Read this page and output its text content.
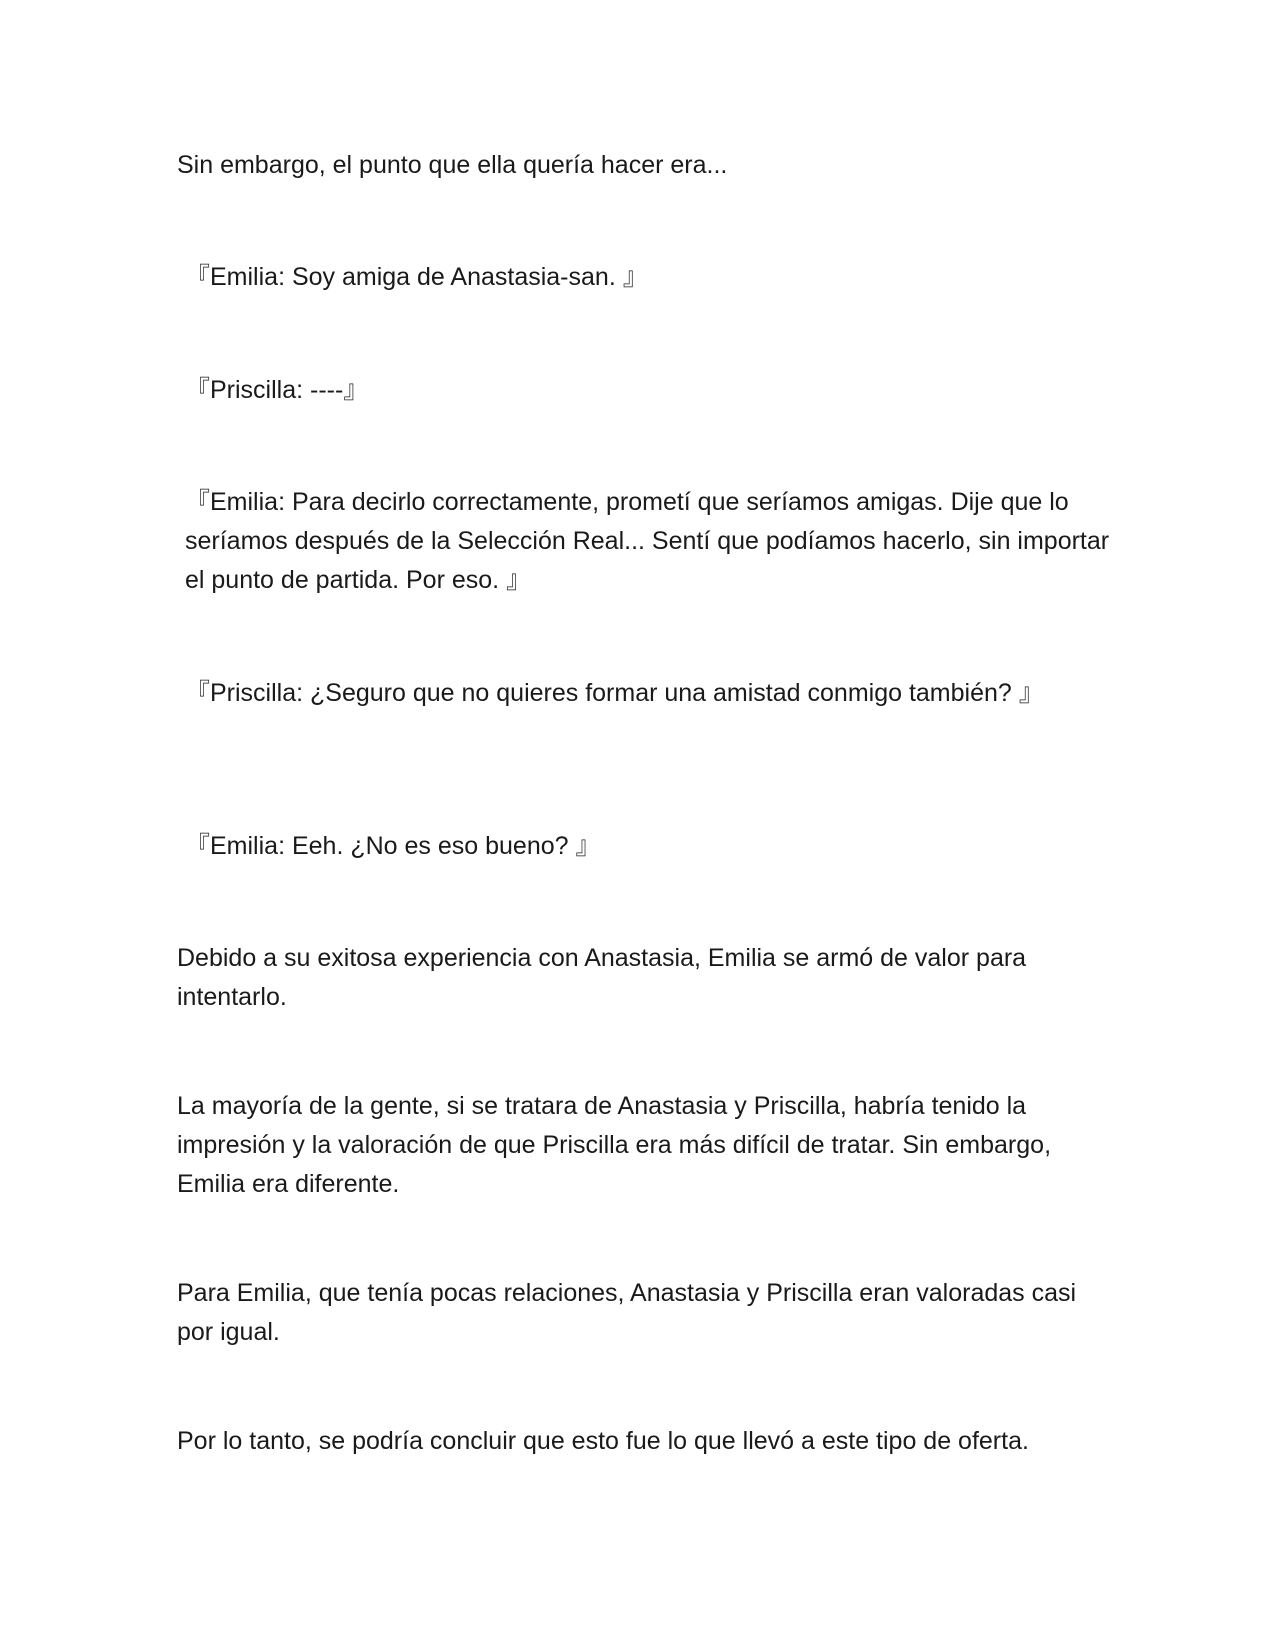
Sin embargo, el punto que ella quería hacer era...

『Emilia: Soy amiga de Anastasia-san. 』

『Priscilla: ----』

『Emilia: Para decirlo correctamente, prometí que seríamos amigas. Dije que lo seríamos después de la Selección Real... Sentí que podíamos hacerlo, sin importar el punto de partida. Por eso. 』

『Priscilla: ¿Seguro que no quieres formar una amistad conmigo también? 』

『Emilia: Eeh. ¿No es eso bueno? 』

Debido a su exitosa experiencia con Anastasia, Emilia se armó de valor para intentarlo.

La mayoría de la gente, si se tratara de Anastasia y Priscilla, habría tenido la impresión y la valoración de que Priscilla era más difícil de tratar. Sin embargo, Emilia era diferente.

Para Emilia, que tenía pocas relaciones, Anastasia y Priscilla eran valoradas casi por igual.

Por lo tanto, se podría concluir que esto fue lo que llevó a este tipo de oferta.
